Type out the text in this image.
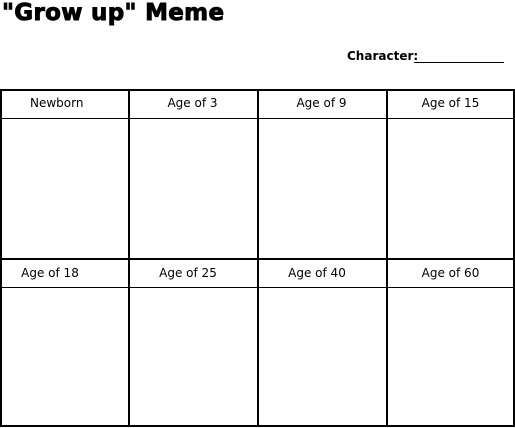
"Grow up" Meme
Character:
Newborn	Age of 3	Age of 9	Age of 15
Age of 18	Age of 25	Age of 40	Age of 60
